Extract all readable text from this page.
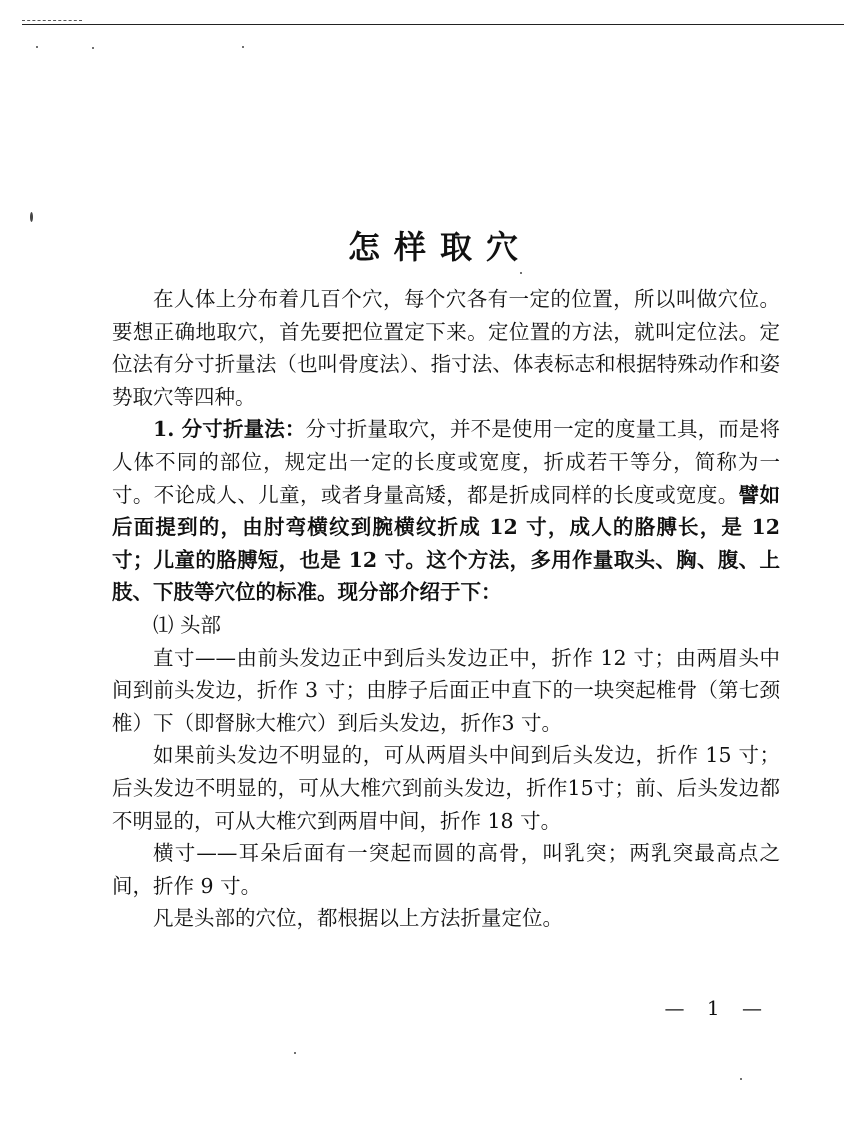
怎样取穴

在人体上分布着几百个穴，每个穴各有一定的位置，所以叫做穴位。要想正确地取穴，首先要把位置定下来。定位置的方法，就叫定位法。定位法有分寸折量法（也叫骨度法）、指寸法、体表标志和根据特殊动作和姿势取穴等四种。

1. 分寸折量法：分寸折量取穴，并不是使用一定的度量工具，而是将人体不同的部位，规定出一定的长度或宽度，折成若干等分，简称为一寸。不论成人、儿童，或者身量高矮，都是折成同样的长度或宽度。譬如后面提到的，由肘弯横纹到腕横纹折成 12 寸，成人的胳膊长，是 12 寸；儿童的胳膊短，也是 12 寸。这个方法，多用作量取头、胸、腹、上肢、下肢等穴位的标准。现分部介绍于下：

⑴ 头部

直寸——由前头发边正中到后头发边正中，折作 12 寸；由两眉头中间到前头发边，折作 3 寸；由脖子后面正中直下的一块突起椎骨（第七颈椎）下（即督脉大椎穴）到后头发边，折作3 寸。

如果前头发边不明显的，可从两眉头中间到后头发边，折作 15 寸；后头发边不明显的，可从大椎穴到前头发边，折作15寸；前、后头发边都不明显的，可从大椎穴到两眉中间，折作 18 寸。

横寸——耳朵后面有一突起而圆的高骨，叫乳突；两乳突最高点之间，折作 9 寸。

凡是头部的穴位，都根据以上方法折量定位。

— 1 —
